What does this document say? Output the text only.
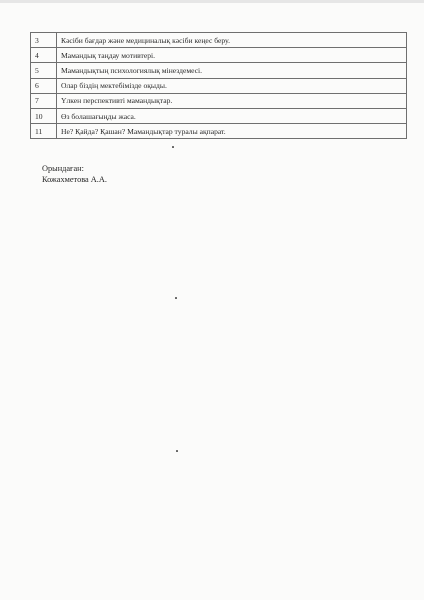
3	Кәсіби бағдар және медициналық кәсіби кеңес беру.
4	Мамандық таңдау мотивтері.
5	Мамандықтың психологиялық мінездемесі.
6	Олар біздің мектебімізде оқыды.
7	Үлкен перспективті мамандықтар.
10	Өз болашағыңды жаса.
11	Не? Қайда? Қашан? Мамандықтар туралы ақпарат.
Орындаған:
Кожахметова А.А.
